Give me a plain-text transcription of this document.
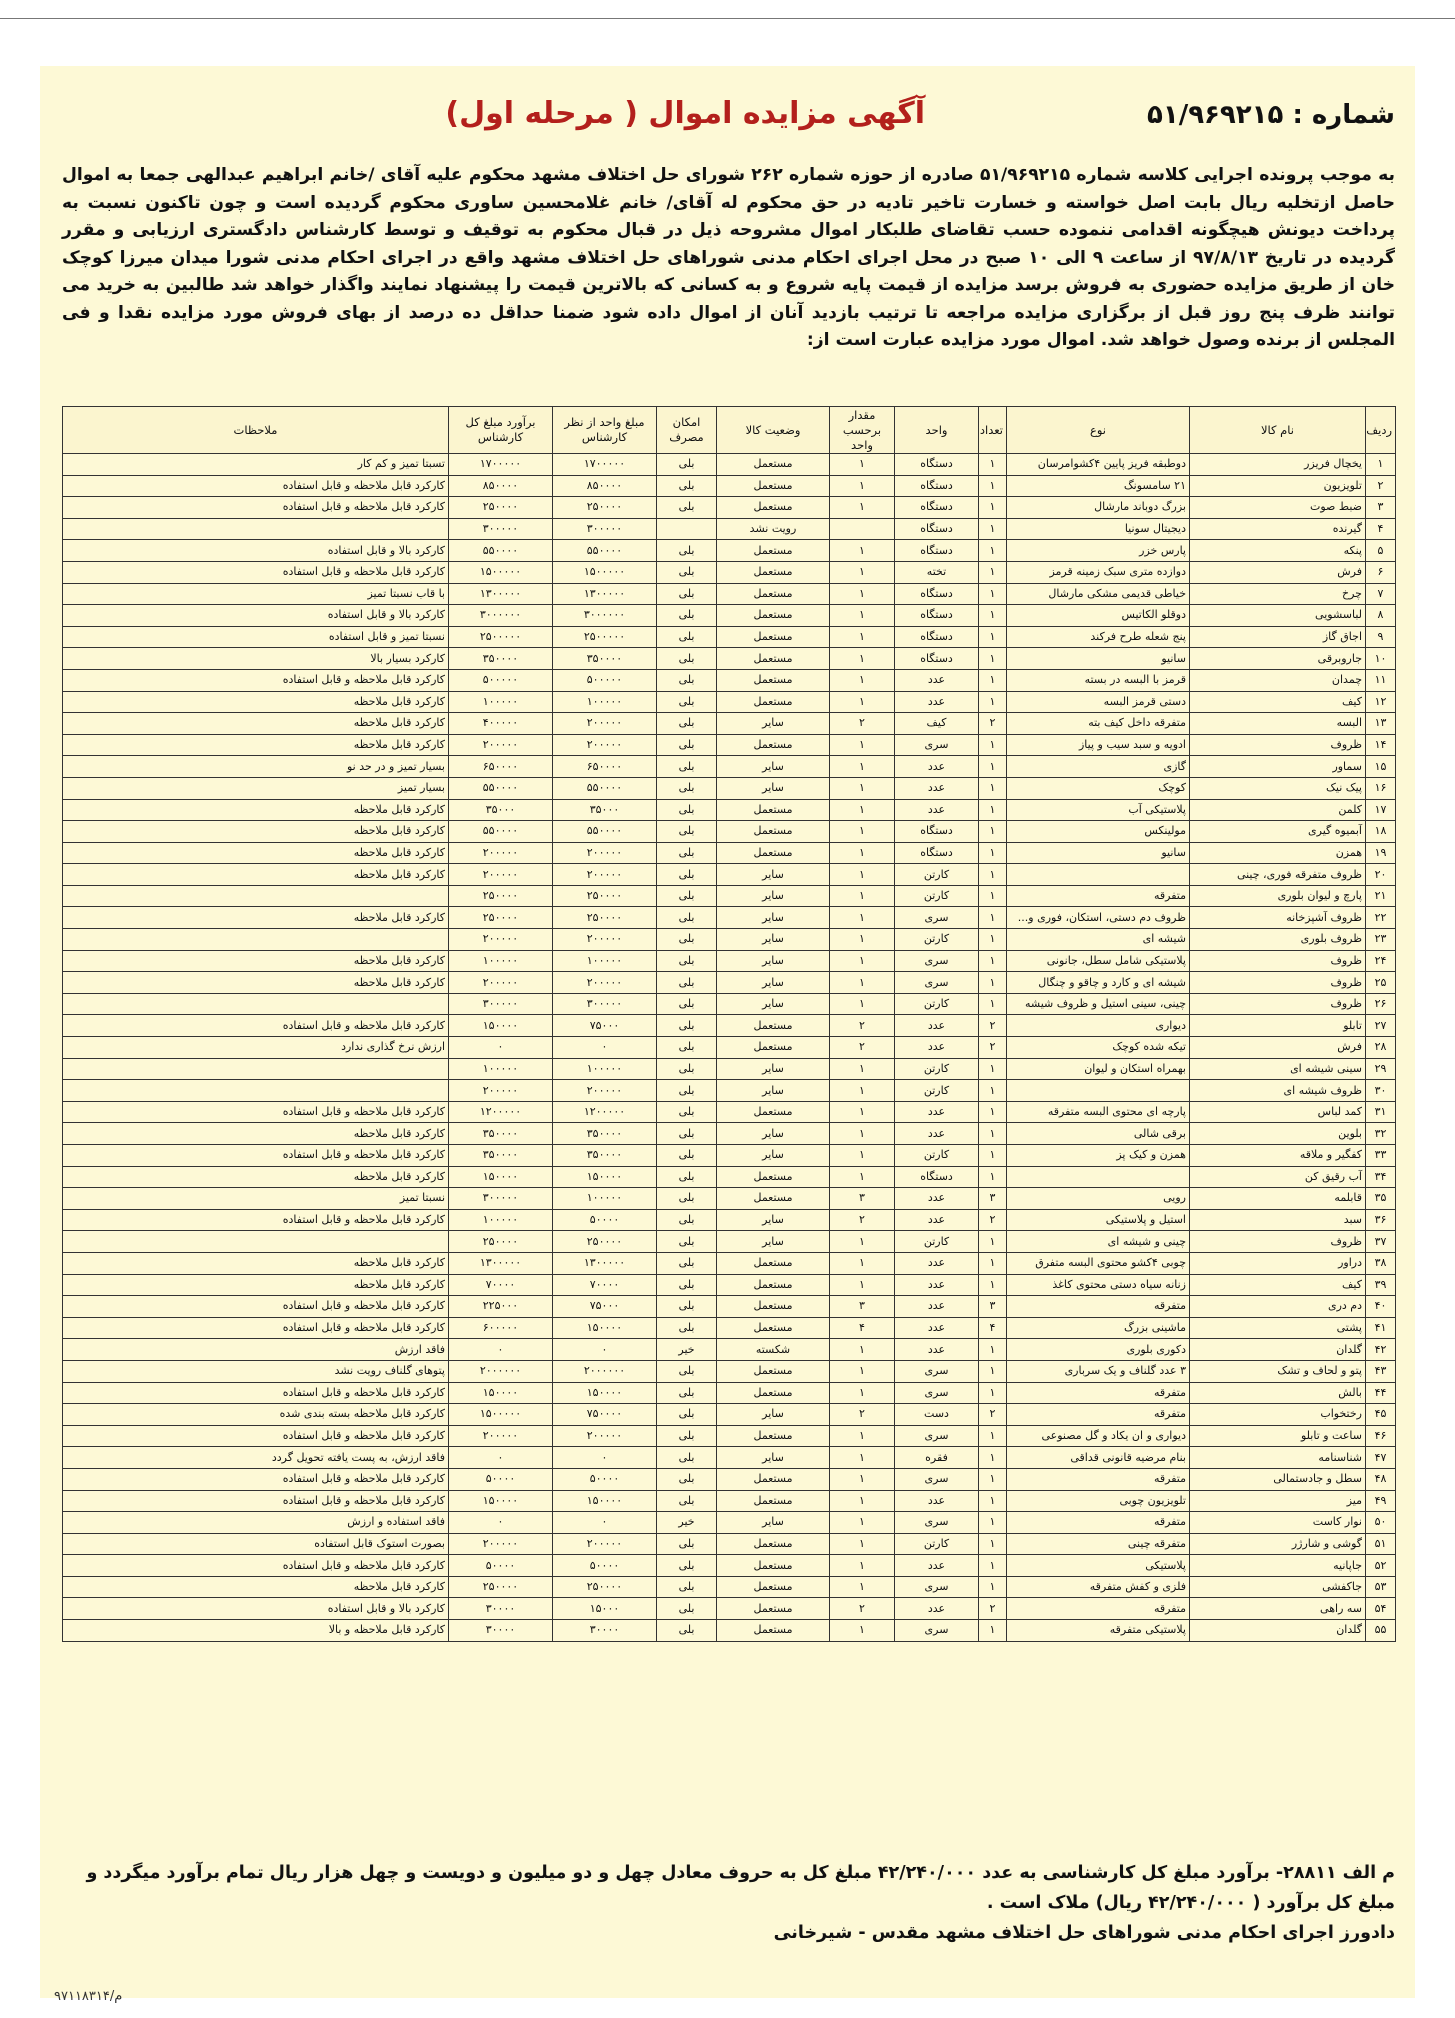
شماره : ۵۱/۹۶۹۲۱۵
آگهی مزایده اموال ( مرحله اول)
به موجب پرونده اجرایی کلاسه شماره ۵۱/۹۶۹۲۱۵ صادره از حوزه شماره ۲۶۲ شورای حل اختلاف مشهد محکوم علیه آقای /خانم ابراهیم عبدالهی جمعا به اموال حاصل ازتخلیه ریال بابت اصل خواسته و خسارت تاخیر تادیه در حق محکوم له آقای/ خانم غلامحسین ساوری محکوم گردیده است و چون تاکنون نسبت به پرداخت دیونش هیچگونه اقدامی ننموده حسب تقاضای طلبکار اموال مشروحه ذیل در قبال محکوم به توقیف و توسط کارشناس دادگستری ارزیابی و مقرر گردیده در تاریخ ۹۷/۸/۱۳ از ساعت ۹ الی ۱۰ صبح در محل اجرای احکام مدنی شوراهای حل اختلاف مشهد واقع در اجرای احکام مدنی شورا میدان میرزا کوچک خان از طریق مزایده حضوری به فروش برسد مزایده از قیمت پایه شروع و به کسانی که بالاترین قیمت را پیشنهاد نمایند واگذار خواهد شد طالبین به خرید می توانند ظرف پنج روز قبل از برگزاری مزایده مراجعه تا ترتیب بازدید آنان از اموال داده شود ضمنا حداقل ده درصد از بهای فروش مورد مزایده نقدا و فی المجلس از برنده وصول خواهد شد. اموال مورد مزایده عبارت است از:
ردیف	نام کالا	نوع	تعداد	واحد	مقدار برحسب واحد	وضعیت کالا	امکان مصرف	مبلغ واحد از نظر کارشناس	برآورد مبلغ کل کارشناس	ملاحظات
۱	یخچال فریزر	دوطبقه فریز پایین ۴کشوامرسان	۱	دستگاه	۱	مستعمل	بلی	۱۷۰۰۰۰۰	۱۷۰۰۰۰۰	تسبتا تمیز و کم کار
۲	تلویزیون	۲۱ سامسونگ	۱	دستگاه	۱	مستعمل	بلی	۸۵۰۰۰۰	۸۵۰۰۰۰	کارکرد قابل ملاحظه و قابل استفاده
۳	ضبط صوت	بزرگ دوباند مارشال	۱	دستگاه	۱	مستعمل	بلی	۲۵۰۰۰۰	۲۵۰۰۰۰	کارکرد قابل ملاحظه و قابل استفاده
۴	گیرنده	دیجیتال سونیا	۱	دستگاه		رویت نشد		۳۰۰۰۰۰	۳۰۰۰۰۰	
۵	پنکه	پارس خزر	۱	دستگاه	۱	مستعمل	بلی	۵۵۰۰۰۰	۵۵۰۰۰۰	کارکرد بالا و قابل استفاده
۶	فرش	دوازده متری سبک زمینه قرمز	۱	تخته	۱	مستعمل	بلی	۱۵۰۰۰۰۰	۱۵۰۰۰۰۰	کارکرد قابل ملاحظه و قابل استفاده
۷	چرخ	خیاطی قدیمی مشکی مارشال	۱	دستگاه	۱	مستعمل	بلی	۱۳۰۰۰۰۰	۱۳۰۰۰۰۰	با قاب نسبتا تمیز
۸	لباسشویی	دوقلو الکاتیس	۱	دستگاه	۱	مستعمل	بلی	۳۰۰۰۰۰۰	۳۰۰۰۰۰۰	کارکرد بالا و قابل استفاده
۹	اجاق گاز	پنج شعله طرح فرکند	۱	دستگاه	۱	مستعمل	بلی	۲۵۰۰۰۰۰	۲۵۰۰۰۰۰	نسبتا تمیز و قابل استفاده
۱۰	جاروبرقی	سانیو	۱	دستگاه	۱	مستعمل	بلی	۳۵۰۰۰۰	۳۵۰۰۰۰	کارکرد بسیار بالا
۱۱	چمدان	قرمز با البسه در بسته	۱	عدد	۱	مستعمل	بلی	۵۰۰۰۰۰	۵۰۰۰۰۰	کارکرد قابل ملاحظه و قابل استفاده
۱۲	کیف	دستی قرمز البسه	۱	عدد	۱	مستعمل	بلی	۱۰۰۰۰۰	۱۰۰۰۰۰	کارکرد قابل ملاحظه
۱۳	البسه	متفرقه داخل کیف بته	۲	کیف	۲	سایر	بلی	۲۰۰۰۰۰	۴۰۰۰۰۰	کارکرد قابل ملاحظه
۱۴	ظروف	ادویه و سبد سیب و پیاز	۱	سری	۱	مستعمل	بلی	۲۰۰۰۰۰	۲۰۰۰۰۰	کارکرد قابل ملاحظه
۱۵	سماور	گازی	۱	عدد	۱	سایر	بلی	۶۵۰۰۰۰	۶۵۰۰۰۰	بسیار تمیز و در حد نو
۱۶	پیک نیک	کوچک	۱	عدد	۱	سایر	بلی	۵۵۰۰۰۰	۵۵۰۰۰۰	بسیار تمیز
۱۷	کلمن	پلاستیکی آب	۱	عدد	۱	مستعمل	بلی	۳۵۰۰۰	۳۵۰۰۰	کارکرد قابل ملاحظه
۱۸	آبمیوه گیری	مولینکس	۱	دستگاه	۱	مستعمل	بلی	۵۵۰۰۰۰	۵۵۰۰۰۰	کارکرد قابل ملاحظه
۱۹	همزن	سانیو	۱	دستگاه	۱	مستعمل	بلی	۲۰۰۰۰۰	۲۰۰۰۰۰	کارکرد قابل ملاحظه
۲۰	ظروف متفرقه فوری، چینی		۱	کارتن	۱	سایر	بلی	۲۰۰۰۰۰	۲۰۰۰۰۰	کارکرد قابل ملاحظه
۲۱	پارچ و لیوان بلوری	متفرقه	۱	کارتن	۱	سایر	بلی	۲۵۰۰۰۰	۲۵۰۰۰۰	
۲۲	ظروف آشپزخانه	ظروف دم دستی، استکان، فوری و...	۱	سری	۱	سایر	بلی	۲۵۰۰۰۰	۲۵۰۰۰۰	کارکرد قابل ملاحظه
۲۳	ظروف بلوری	شیشه ای	۱	کارتن	۱	سایر	بلی	۲۰۰۰۰۰	۲۰۰۰۰۰	
۲۴	ظروف	پلاستیکی شامل سطل، جانونی	۱	سری	۱	سایر	بلی	۱۰۰۰۰۰	۱۰۰۰۰۰	کارکرد قابل ملاحظه
۲۵	ظروف	شیشه ای و کارد و چاقو و چنگال	۱	سری	۱	سایر	بلی	۲۰۰۰۰۰	۲۰۰۰۰۰	کارکرد قابل ملاحظه
۲۶	ظروف	چینی، سینی استیل و ظروف شیشه	۱	کارتن	۱	سایر	بلی	۳۰۰۰۰۰	۳۰۰۰۰۰	
۲۷	تابلو	دیواری	۲	عدد	۲	مستعمل	بلی	۷۵۰۰۰	۱۵۰۰۰۰	کارکرد قابل ملاحظه و قابل استفاده
۲۸	فرش	تیکه شده کوچک	۲	عدد	۲	مستعمل	بلی	۰	۰	ارزش نرخ گذاری ندارد
۲۹	سینی شیشه ای	بهمراه استکان و لیوان	۱	کارتن	۱	سایر	بلی	۱۰۰۰۰۰	۱۰۰۰۰۰	
۳۰	ظروف شیشه ای		۱	کارتن	۱	سایر	بلی	۲۰۰۰۰۰	۲۰۰۰۰۰	
۳۱	کمد لباس	پارچه ای محتوی البسه متفرقه	۱	عدد	۱	مستعمل	بلی	۱۲۰۰۰۰۰	۱۲۰۰۰۰۰	کارکرد قابل ملاحظه و قابل استفاده
۳۲	بلوین	برقی شالی	۱	عدد	۱	سایر	بلی	۳۵۰۰۰۰	۳۵۰۰۰۰	کارکرد قابل ملاحظه
۳۳	کفگیر و ملاقه	همزن و کیک پز	۱	کارتن	۱	سایر	بلی	۳۵۰۰۰۰	۳۵۰۰۰۰	کارکرد قابل ملاحظه و قابل استفاده
۳۴	آب رقیق کن		۱	دستگاه	۱	مستعمل	بلی	۱۵۰۰۰۰	۱۵۰۰۰۰	کارکرد قابل ملاحظه
۳۵	قابلمه	رویی	۳	عدد	۳	مستعمل	بلی	۱۰۰۰۰۰	۳۰۰۰۰۰	نسبتا تمیز
۳۶	سبد	استیل و پلاستیکی	۲	عدد	۲	سایر	بلی	۵۰۰۰۰	۱۰۰۰۰۰	کارکرد قابل ملاحظه و قابل استفاده
۳۷	ظروف	چینی و شیشه ای	۱	کارتن	۱	سایر	بلی	۲۵۰۰۰۰	۲۵۰۰۰۰	
۳۸	دراور	چوبی ۴کشو محتوی البسه متفرق	۱	عدد	۱	مستعمل	بلی	۱۳۰۰۰۰۰	۱۳۰۰۰۰۰	کارکرد قابل ملاحظه
۳۹	کیف	زنانه سیاه دستی محتوی کاغذ	۱	عدد	۱	مستعمل	بلی	۷۰۰۰۰	۷۰۰۰۰	کارکرد قابل ملاحظه
۴۰	دم دری	متفرقه	۳	عدد	۳	مستعمل	بلی	۷۵۰۰۰	۲۲۵۰۰۰	کارکرد قابل ملاحظه و قابل استفاده
۴۱	پشتی	ماشینی بزرگ	۴	عدد	۴	مستعمل	بلی	۱۵۰۰۰۰	۶۰۰۰۰۰	کارکرد قابل ملاحظه و قابل استفاده
۴۲	گلدان	دکوری بلوری	۱	عدد	۱	شکسته	خیر	۰	۰	فاقد ارزش
۴۳	پتو و لحاف و تشک	۳ عدد گلناف و یک سرباری	۱	سری	۱	مستعمل	بلی	۲۰۰۰۰۰۰	۲۰۰۰۰۰۰	پتوهای گلناف رویت نشد
۴۴	بالش	متفرقه	۱	سری	۱	مستعمل	بلی	۱۵۰۰۰۰	۱۵۰۰۰۰	کارکرد قابل ملاحظه و قابل استفاده
۴۵	رختخواب	متفرقه	۲	دست	۲	سایر	بلی	۷۵۰۰۰۰	۱۵۰۰۰۰۰	کارکرد قابل ملاحظه بسته بندی شده
۴۶	ساعت و تابلو	دیواری و ان یکاد و گل مصنوعی	۱	سری	۱	مستعمل	بلی	۲۰۰۰۰۰	۲۰۰۰۰۰	کارکرد قابل ملاحظه و قابل استفاده
۴۷	شناسنامه	بنام مرضیه قانونی قداقی	۱	فقره	۱	سایر	بلی	۰	۰	فاقد ارزش، به پست یافته تحویل گردد
۴۸	سطل و جادستمالی	متفرقه	۱	سری	۱	مستعمل	بلی	۵۰۰۰۰	۵۰۰۰۰	کارکرد قابل ملاحظه و قابل استفاده
۴۹	میز	تلویزیون چوبی	۱	عدد	۱	مستعمل	بلی	۱۵۰۰۰۰	۱۵۰۰۰۰	کارکرد قابل ملاحظه و قابل استفاده
۵۰	نوار کاست	متفرقه	۱	سری	۱	سایر	خیر	۰	۰	فاقد استفاده و ارزش
۵۱	گوشی و شارژر	متفرقه چینی	۱	کارتن	۱	مستعمل	بلی	۲۰۰۰۰۰	۲۰۰۰۰۰	بصورت استوک قابل استفاده
۵۲	جاپانیه	پلاستیکی	۱	عدد	۱	مستعمل	بلی	۵۰۰۰۰	۵۰۰۰۰	کارکرد قابل ملاحظه و قابل استفاده
۵۳	جاکفشی	فلزی و کفش متفرقه	۱	سری	۱	مستعمل	بلی	۲۵۰۰۰۰	۲۵۰۰۰۰	کارکرد قابل ملاحظه
۵۴	سه راهی	متفرقه	۲	عدد	۲	مستعمل	بلی	۱۵۰۰۰	۳۰۰۰۰	کارکرد بالا و قابل استفاده
۵۵	گلدان	پلاستیکی متفرقه	۱	سری	۱	مستعمل	بلی	۳۰۰۰۰	۳۰۰۰۰	کارکرد قابل ملاحظه و بالا
م الف ۲۸۸۱۱- برآورد مبلغ کل کارشناسی به عدد ۴۲/۲۴۰/۰۰۰ مبلغ کل به حروف معادل چهل و دو میلیون و دویست و چهل هزار ریال تمام برآورد میگردد و مبلغ کل برآورد ( ۴۲/۲۴۰/۰۰۰ ریال) ملاک است .
دادورز اجرای احکام مدنی شوراهای حل اختلاف مشهد مقدس - شیرخانی
م/۹۷۱۱۸۳۱۴
